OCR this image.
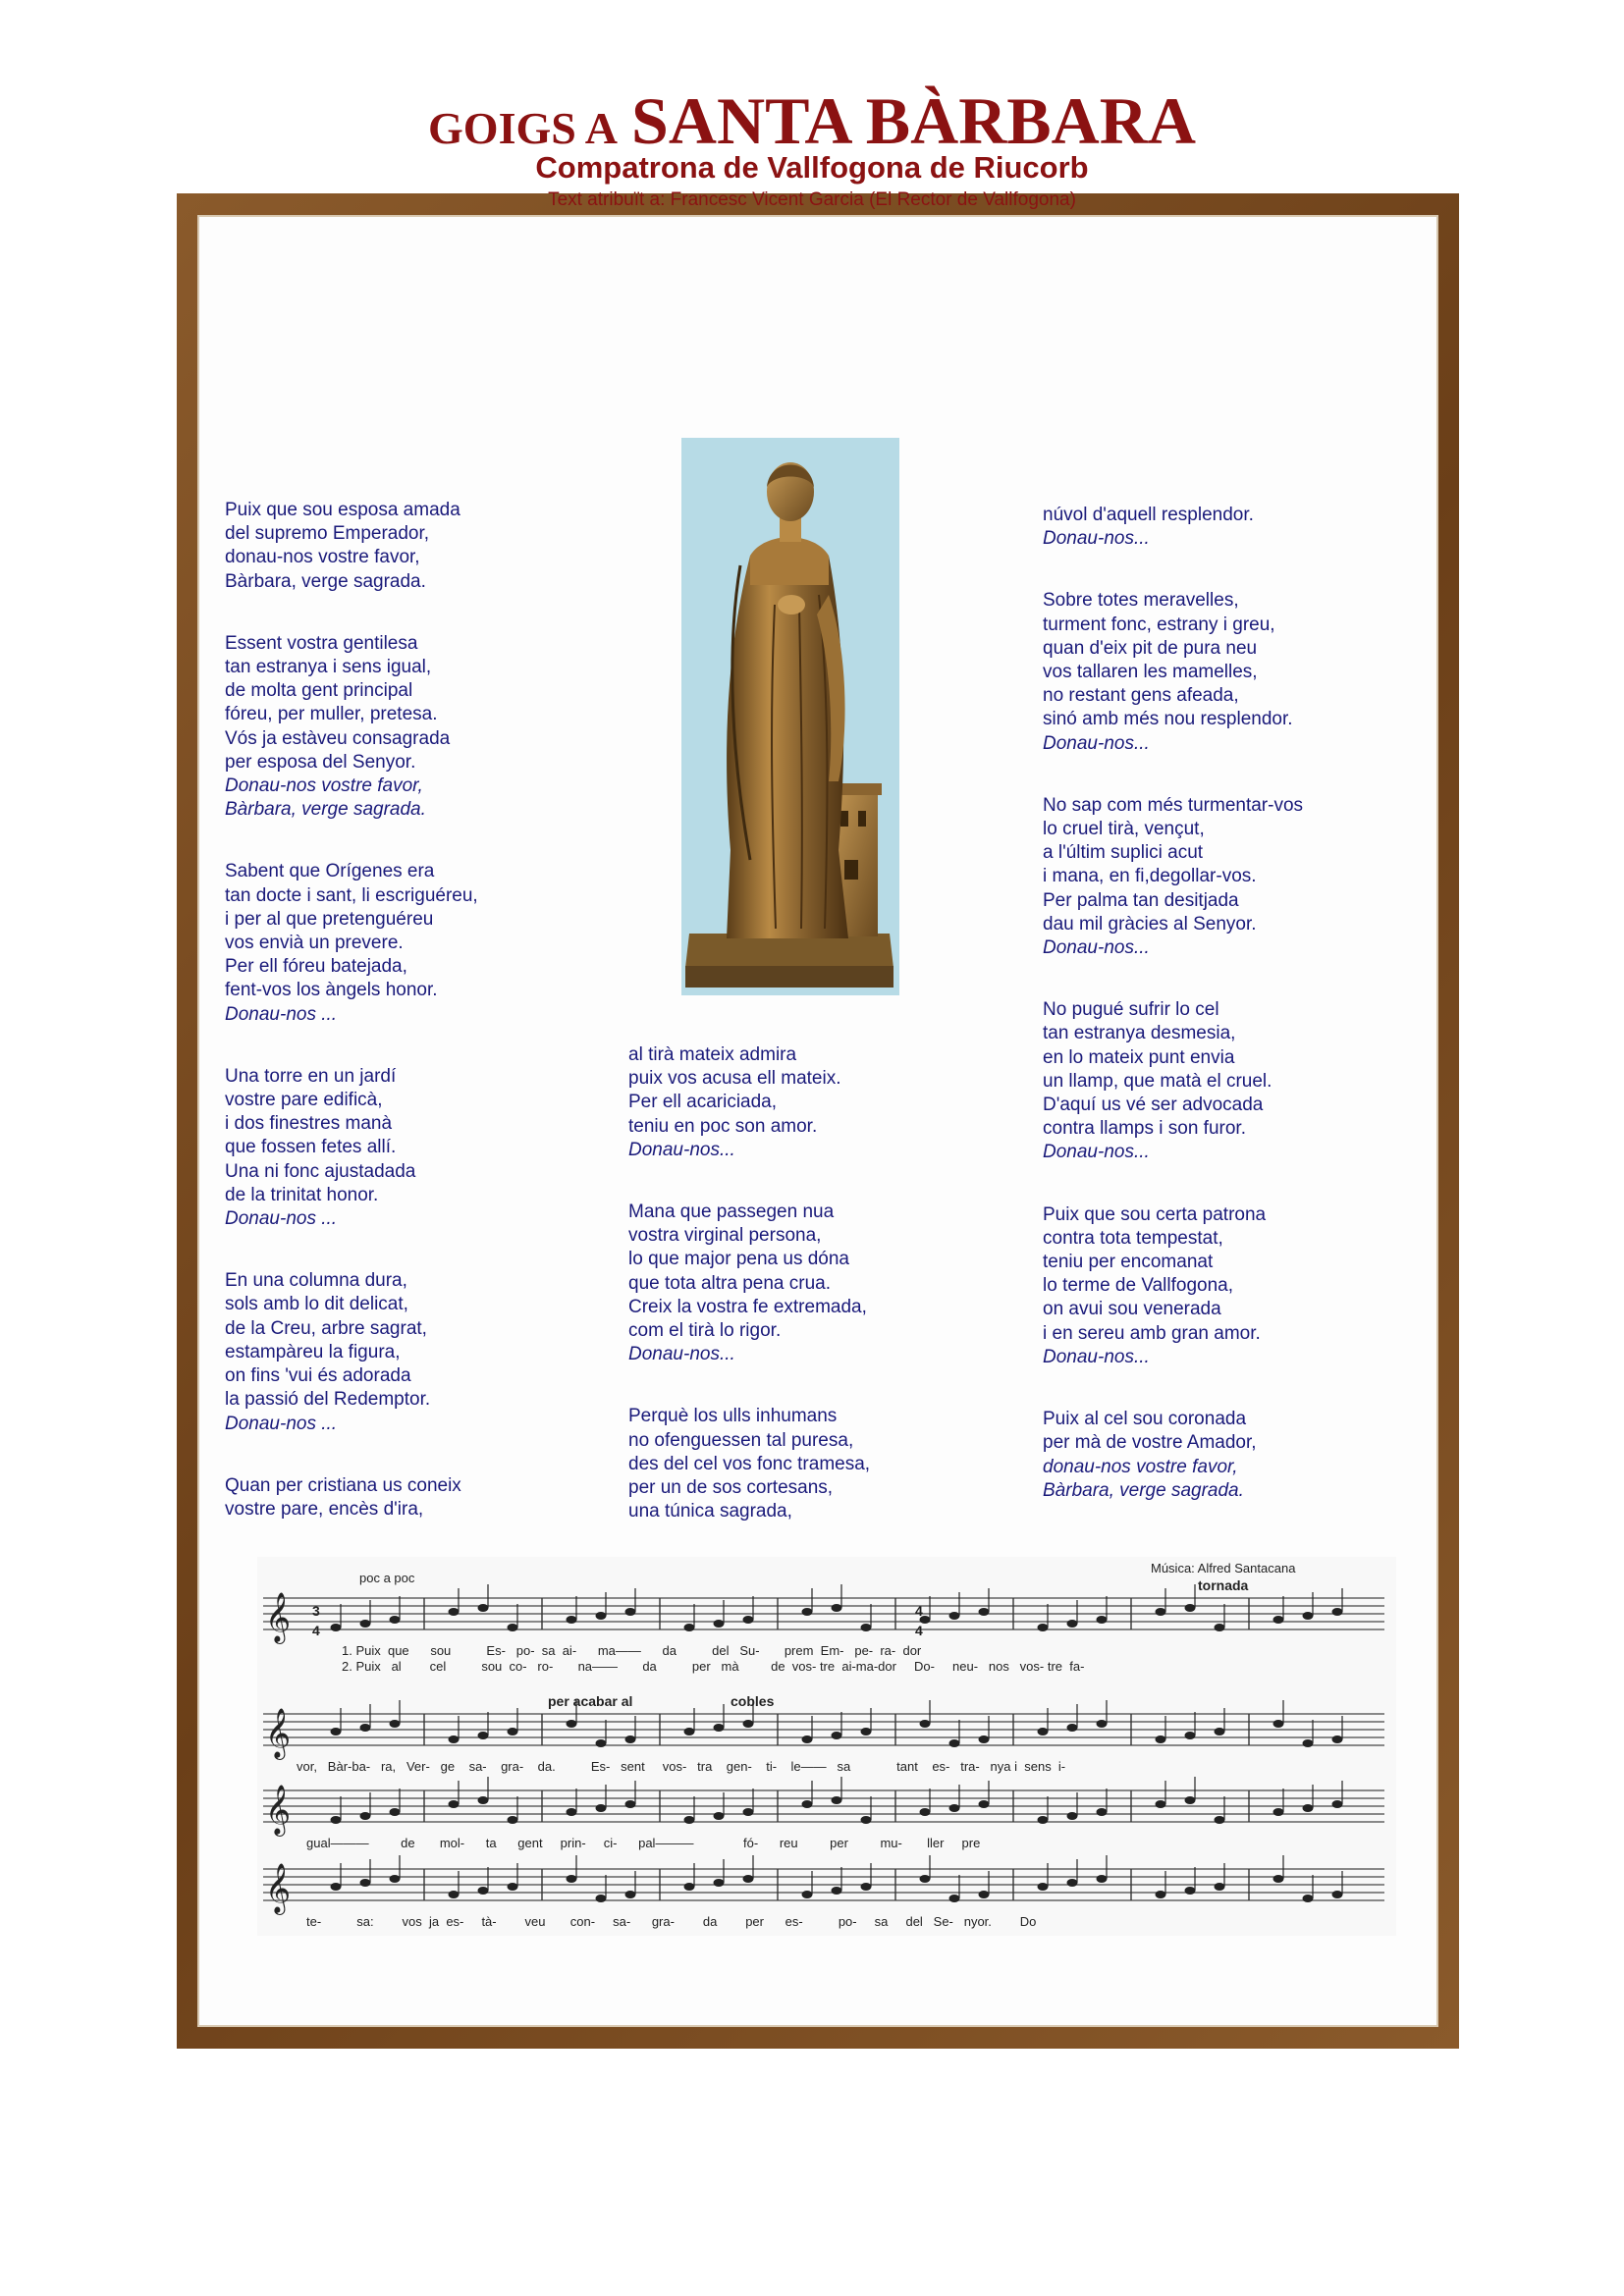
GOIGS A SANTA BÀRBARA
Compatrona de Vallfogona de Riucorb
Text atribuït a: Francesc Vicent Garcia (El Rector de Vallfogona)
Puix que sou esposa amada
del supremo Emperador,
donau-nos vostre favor,
Bàrbara, verge sagrada.
Essent vostra gentilesa
tan estranya i sens igual,
de molta gent principal
fóreu, per muller, pretesa.
Vós ja estàveu consagrada
per esposa del Senyor.
Donau-nos vostre favor,
Bàrbara, verge sagrada.
Sabent que Orígenes era
tan docte i sant, li escriguéreu,
i per al que pretenguéreu
vos envià un prevere.
Per ell fóreu batejada,
fent-vos los àngels honor.
Donau-nos ...
Una torre en un jardí
vostre pare edificà,
i dos finestres manà
que fossen fetes allí.
Una ni fonc ajustadada
de la trinitat honor.
Donau-nos ...
En una columna dura,
sols amb lo dit delicat,
de la Creu, arbre sagrat,
estampàreu la figura,
on fins 'vui és adorada
la passió del Redemptor.
Donau-nos ...
Quan per cristiana us coneix
vostre pare, encès d'ira,
al tirà mateix admira
puix vos acusa ell mateix.
Per ell acariciada,
teniu en poc son amor.
Donau-nos...
Mana que passegen nua
vostra virginal persona,
lo que major pena us dóna
que tota altra pena crua.
Creix la vostra fe extremada,
com el tirà lo rigor.
Donau-nos...
Perquè los ulls inhumans
no ofenguessen tal puresa,
des del cel vos fonc tramesa,
per un de sos cortesans,
una túnica sagrada,
núvol d'aquell resplendor.
Donau-nos...
Sobre totes meravelles,
turment fonc, estrany i greu,
quan d'eix pit de pura neu
vos tallaren les mamelles,
no restant gens afeada,
sinó amb més nou resplendor.
Donau-nos...
No sap com més turmentar-vos
lo cruel tirà, vençut,
a l'últim suplici acut
i mana, en fi,degollar-vos.
Per palma tan desitjada
dau mil gràcies al Senyor.
Donau-nos...
No pugué sufrir lo cel
tan estranya desmesia,
en lo mateix punt envia
un llamp, que matà el cruel.
D'aquí us vé ser advocada
contra llamps i son furor.
Donau-nos...
Puix que sou certa patrona
contra tota tempestat,
teniu per encomanat
lo terme de Vallfogona,
on avui sou venerada
i en sereu amb gran amor.
Donau-nos...
Puix al cel sou coronada
per mà de vostre Amador,
donau-nos vostre favor,
Bàrbara, verge sagrada.
𝄞
𝄞
𝄞
𝄞
Música: Alfred Santacana
tornada
poc a poc
per acabar al	cobles
3
4
4
4
1. Puix  que      sou          Es-   po-  sa  ai-      ma——      da          del   Su-       prem  Em-   pe-  ra-  dor
2. Puix   al        cel          sou  co-   ro-       na——       da          per   mà         de  vos- tre  ai-ma-dor     Do-     neu-   nos   vos- tre  fa-
vor,   Bàr-ba-   ra,   Ver-   ge    sa-    gra-    da.          Es-   sent     vos-   tra    gen-    ti-    le——   sa             tant    es-   tra-   nya i  sens  i-
gual———         de       mol-      ta      gent     prin-     ci-      pal———              fó-      reu         per         mu-       ller     pre
te-          sa:        vos  ja  es-     tà-        veu       con-     sa-      gra-        da        per      es-          po-     sa     del   Se-   nyor.        Do
